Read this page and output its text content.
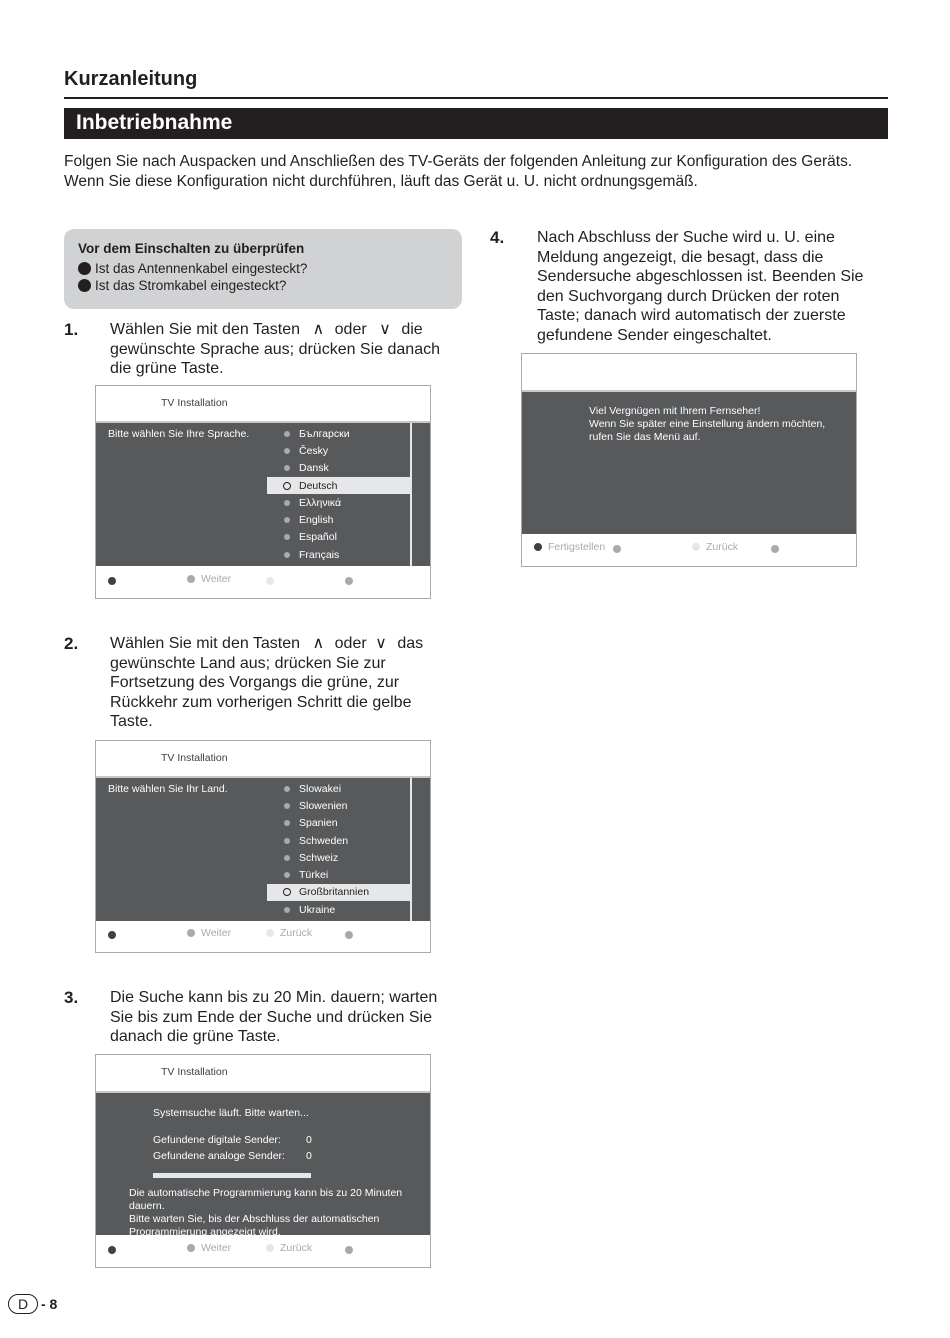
Kurzanleitung
Inbetriebnahme
Folgen Sie nach Auspacken und Anschließen des TV-Geräts der folgenden Anleitung zur Konfiguration des Geräts.
Wenn Sie diese Konfiguration nicht durchführen, läuft das Gerät u. U. nicht ordnungsgemäß.
Vor dem Einschalten zu überprüfen
Ist das Antennenkabel eingesteckt?
Ist das Stromkabel eingesteckt?
1. Wählen Sie mit den Tasten ∧ oder ∨ die
gewünschte Sprache aus; drücken Sie danach
die grüne Taste.
TV Installation
Bitte wählen Sie Ihre Sprache.	Български
Česky
Dansk
Deutsch
Ελληνικά
English
Español
Français
Weiter
2. Wählen Sie mit den Tasten ∧ oder ∨ das
gewünschte Land aus; drücken Sie zur
Fortsetzung des Vorgangs die grüne, zur
Rückkehr zum vorherigen Schritt die gelbe
Taste.
TV Installation
Bitte wählen Sie Ihr Land.	Slowakei
Slowenien
Spanien
Schweden
Schweiz
Türkei
Großbritannien
Ukraine
Weiter	Zurück
3. Die Suche kann bis zu 20 Min. dauern; warten
Sie bis zum Ende der Suche und drücken Sie
danach die grüne Taste.
TV Installation
Systemsuche läuft. Bitte warten...
Gefundene digitale Sender: 0
Gefundene analoge Sender: 0
Die automatische Programmierung kann bis zu 20 Minuten dauern.
Bitte warten Sie, bis der Abschluss der automatischen
Programmierung angezeigt wird.
Weiter	Zurück
4. Nach Abschluss der Suche wird u. U. eine
Meldung angezeigt, die besagt, dass die
Sendersuche abgeschlossen ist. Beenden Sie
den Suchvorgang durch Drücken der roten
Taste; danach wird automatisch der zuerste
gefundene Sender eingeschaltet.
Viel Vergnügen mit Ihrem Fernseher!
Wenn Sie später eine Einstellung ändern möchten,
rufen Sie das Menü auf.
Fertigstellen	Zurück
D - 8
